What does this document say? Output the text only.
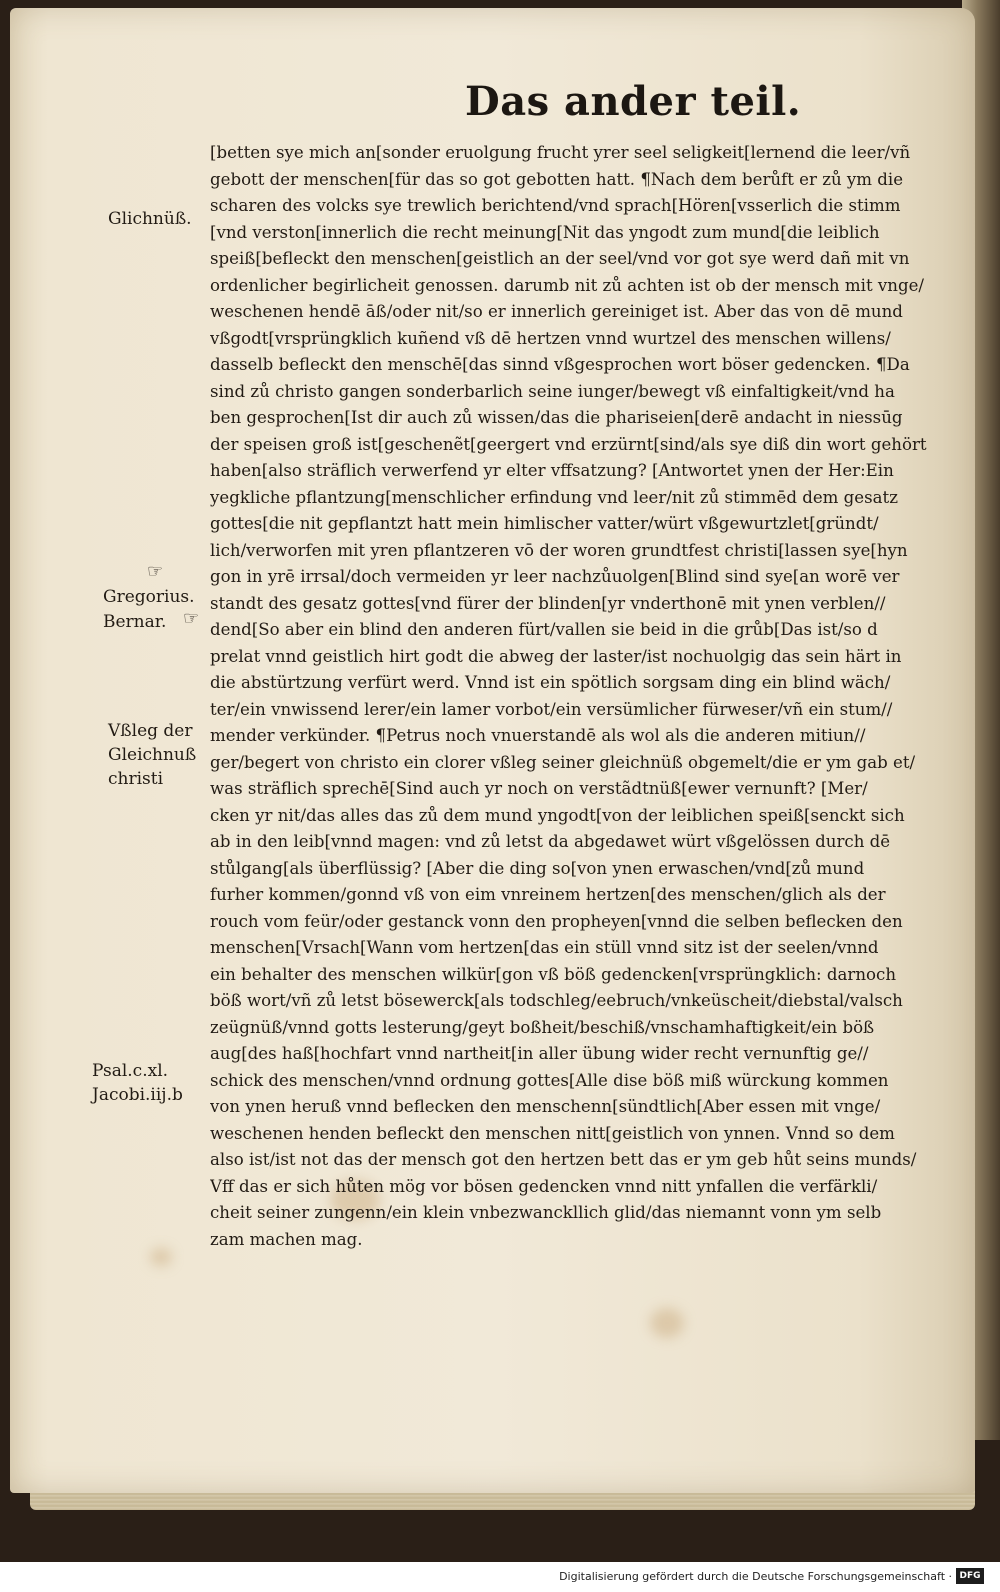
Das ander teil.
[betten sye mich an[sonder eruolgung frucht yrer seel seligkeit[lernend die leer/vñ
gebott der menschen[für das so got gebotten hatt. ¶Nach dem berůft er zů ym die
scharen des volcks sye trewlich berichtend/vnd sprach[Hören[vsserlich die stimm
[vnd verston[innerlich die recht meinung[Nit das yngodt zum mund[die leiblich
speiß[befleckt den menschen[geistlich an der seel/vnd vor got sye werd dañ mit vn
ordenlicher begirlicheit genossen. darumb nit zů achten ist ob der mensch mit vnge/
weschenen hendē āß/oder nit/so er innerlich gereiniget ist. Aber das von dē mund
vßgodt[vrsprüngklich kuñend vß dē hertzen vnnd wurtzel des menschen willens/
dasselb befleckt den menschē[das sinnd vßgesprochen wort böser gedencken. ¶Da
sind zů christo gangen sonderbarlich seine iunger/bewegt vß einfaltigkeit/vnd ha
ben gesprochen[Ist dir auch zů wissen/das die phariseien[derē andacht in niessūg
der speisen groß ist[geschenẽt[geergert vnd erzürnt[sind/als sye diß din wort gehört
haben[also sträflich verwerfend yr elter vffsatzung? [Antwortet ynen der Her:Ein
yegkliche pflantzung[menschlicher erfindung vnd leer/nit zů stimmēd dem gesatz
gottes[die nit gepflantzt hatt mein himlischer vatter/würt vßgewurtzlet[gründt/
lich/verworfen mit yren pflantzeren vō der woren grundtfest christi[lassen sye[hyn
gon in yrē irrsal/doch vermeiden yr leer nachzůuolgen[Blind sind sye[an worē ver
standt des gesatz gottes[vnd fürer der blinden[yr vnderthonē mit ynen verblen//
dend[So aber ein blind den anderen fürt/vallen sie beid in die grůb[Das ist/so d
prelat vnnd geistlich hirt godt die abweg der laster/ist nochuolgig das sein härt in
die abstürtzung verfürt werd. Vnnd ist ein spötlich sorgsam ding ein blind wäch/
ter/ein vnwissend lerer/ein lamer vorbot/ein versümlicher fürweser/vñ ein stum//
mender verkünder. ¶Petrus noch vnuerstandē als wol als die anderen mitiun//
ger/begert von christo ein clorer vßleg seiner gleichnüß obgemelt/die er ym gab et/
was sträflich sprechē[Sind auch yr noch on verstãdtnüß[ewer vernunft? [Mer/
cken yr nit/das alles das zů dem mund yngodt[von der leiblichen speiß[senckt sich
ab in den leib[vnnd magen: vnd zů letst da abgedawet würt vßgelössen durch dē
stůlgang[als überflüssig? [Aber die ding so[von ynen erwaschen/vnd[zů mund
furher kommen/gonnd vß von eim vnreinem hertzen[des menschen/glich als der
rouch vom feür/oder gestanck vonn den propheyen[vnnd die selben beflecken den
menschen[Vrsach[Wann vom hertzen[das ein stüll vnnd sitz ist der seelen/vnnd
ein behalter des menschen wilkür[gon vß böß gedencken[vrsprüngklich: darnoch
böß wort/vñ zů letst bösewerck[als todschleg/eebruch/vnkeüscheit/diebstal/valsch
zeügnüß/vnnd gotts lesterung/geyt boßheit/beschiß/vnschamhaftigkeit/ein böß
aug[des haß[hochfart vnnd nartheit[in aller übung wider recht vernunftig ge//
schick des menschen/vnnd ordnung gottes[Alle dise böß miß würckung kommen
von ynen heruß vnnd beflecken den menschenn[sündtlich[Aber essen mit vnge/
weschenen henden befleckt den menschen nitt[geistlich von ynnen. Vnnd so dem
also ist/ist not das der mensch got den hertzen bett das er ym geb hůt seins munds/
Vff das er sich hůten mög vor bösen gedencken vnnd nitt ynfallen die verfärkli/
cheit seiner zungenn/ein klein vnbezwanckllich glid/das niemannt vonn ym selb
zam machen mag.
Glichnüß.
☞
Gregorius.
Bernar. ☞
Vßleg der
Gleichnuß
christi
Psal.c.xl.
Jacobi.iij.b
Digitalisierung gefördert durch die Deutsche Forschungsgemeinschaft · DFG
